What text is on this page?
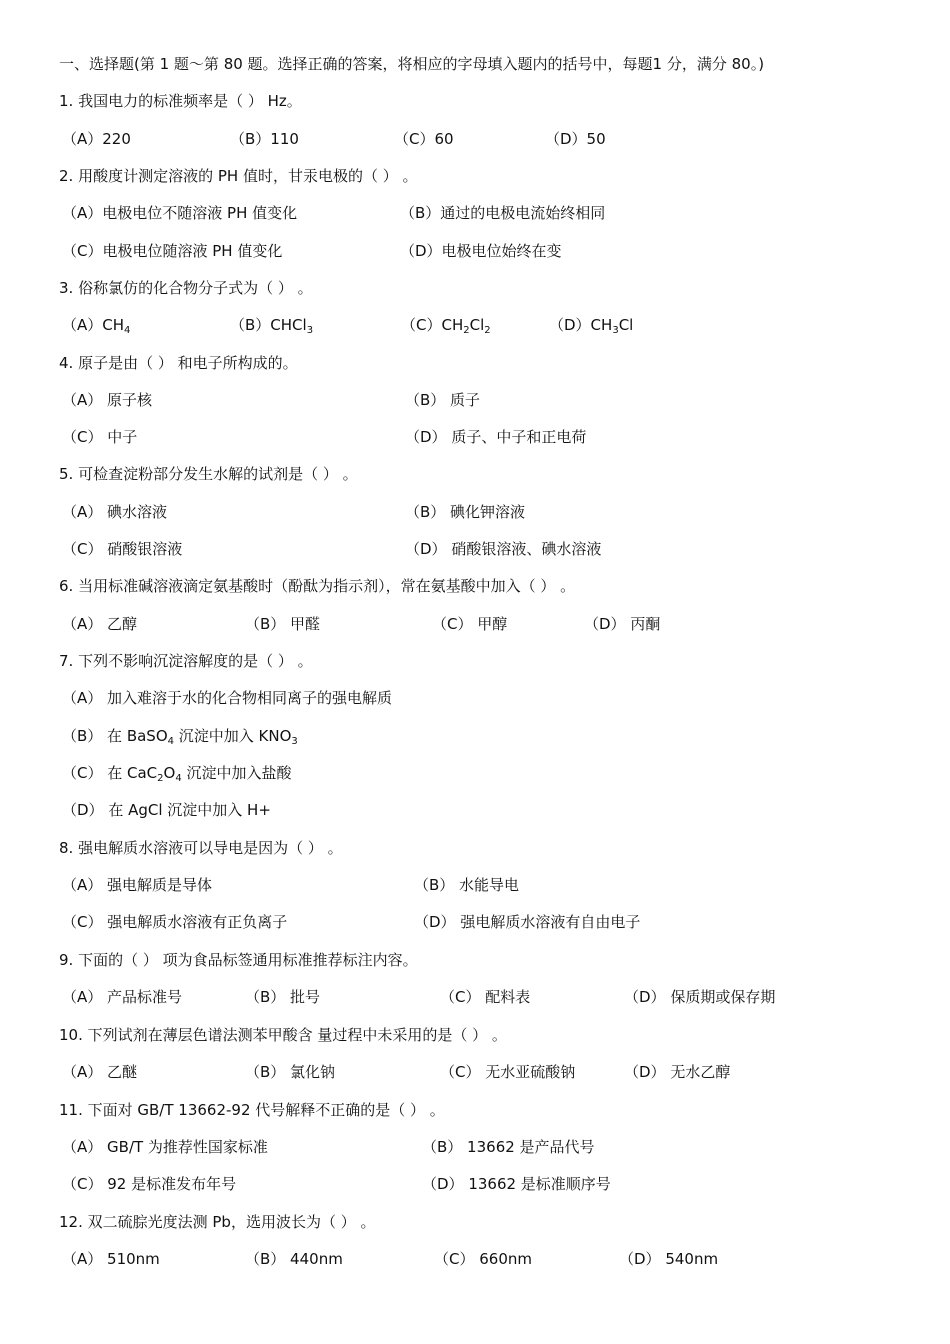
一、选择题(第 1 题～第 80 题。选择正确的答案，将相应的字母填入题内的括号中，每题1 分，满分 80。)
1. 我国电力的标准频率是（ ） Hz。
（A）220	（B）110	（C）60	（D）50
2. 用酸度计测定溶液的 PH 值时，甘汞电极的（ ） 。
（A）电极电位不随溶液 PH 值变化	（B）通过的电极电流始终相同
（C）电极电位随溶液 PH 值变化	（D）电极电位始终在变
3. 俗称氯仿的化合物分子式为（ ） 。
$(A)CH_4$	（B）CHCl$_3$	$(C)CH_2Cl_2$	$(D)CH_3Cl$
4. 原子是由（ ） 和电子所构成的。
（A） 原子核	（B） 质子
（C） 中子	（D） 质子、中子和正电荷
5. 可检查淀粉部分发生水解的试剂是（ ） 。
（A） 碘水溶液	（B） 碘化钾溶液
（C） 硝酸银溶液	（D） 硝酸银溶液、碘水溶液
6. 当用标准碱溶液滴定氨基酸时（酚酞为指示剂），常在氨基酸中加入（ ） 。
（A） 乙醇	（B） 甲醛	（C） 甲醇	（D） 丙酮
7. 下列不影响沉淀溶解度的是（ ） 。
（A） 加入难溶于水的化合物相同离子的强电解质
（B） 在 BaSO$_4$ 沉淀中加入 $KNO_3$
（C） 在 $CaC_2O_4$ 沉淀中加入盐酸
（D） 在 AgCl 沉淀中加入 H+
8. 强电解质水溶液可以导电是因为（ ） 。
（A） 强电解质是导体	（B） 水能导电
（C） 强电解质水溶液有正负离子	（D） 强电解质水溶液有自由电子
9. 下面的（ ） 项为食品标签通用标准推荐标注内容。
（A） 产品标准号	（B） 批号	（C） 配料表	（D） 保质期或保存期
10. 下列试剂在薄层色谱法测苯甲酸含 量过程中未采用的是（ ） 。
（A） 乙醚	（B） 氯化钠	（C） 无水亚硫酸钠	（D） 无水乙醇
11. 下面对 GB/T 13662-92 代号解释不正确的是（ ） 。
（A） GB/T 为推荐性国家标准	（B） 13662 是产品代号
（C） 92 是标准发布年号	（D） 13662 是标准顺序号
12. 双二硫腙光度法测 Pb，选用波长为（ ） 。
（A） 510nm	（B） 440nm	（C） 660nm	（D） 540nm
